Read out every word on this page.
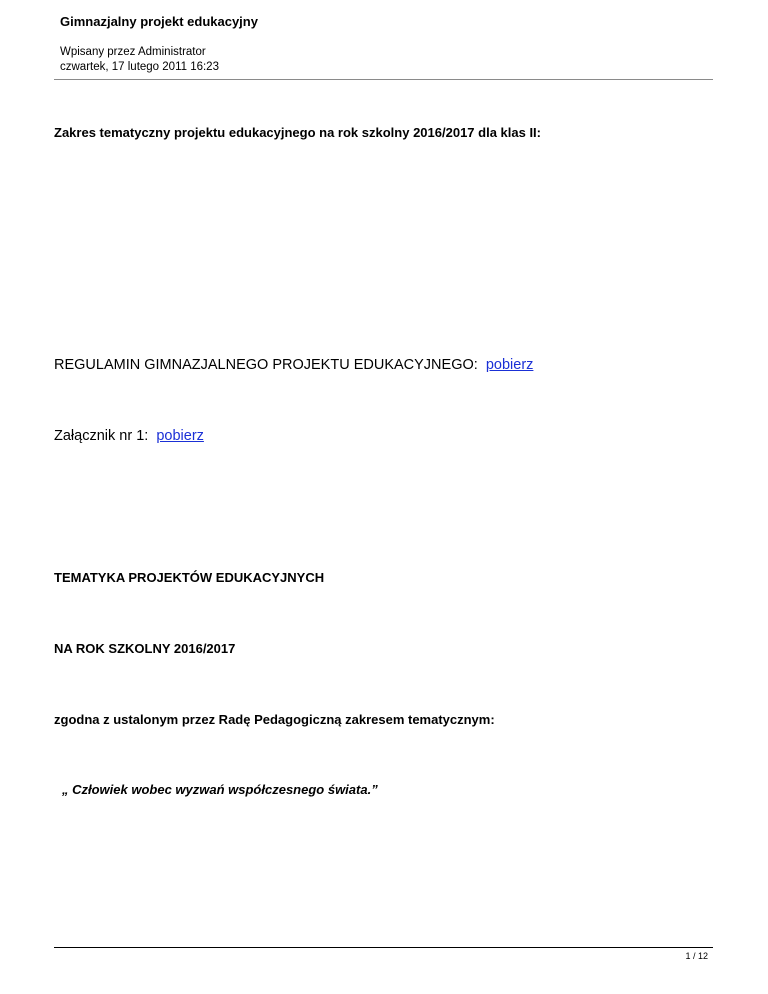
Gimnazjalny projekt edukacyjny
Wpisany przez Administrator
czwartek, 17 lutego 2011 16:23
Zakres tematyczny projektu edukacyjnego na rok szkolny 2016/2017 dla klas II:
REGULAMIN GIMNAZJALNEGO PROJEKTU EDUKACYJNEGO: pobierz
Załącznik nr 1: pobierz
TEMATYKA PROJEKTÓW EDUKACYJNYCH
NA ROK SZKOLNY 2016/2017
zgodna z ustalonym przez Radę Pedagogiczną zakresem tematycznym:
„ Człowiek wobec wyzwań współczesnego świata.”
1 / 12
